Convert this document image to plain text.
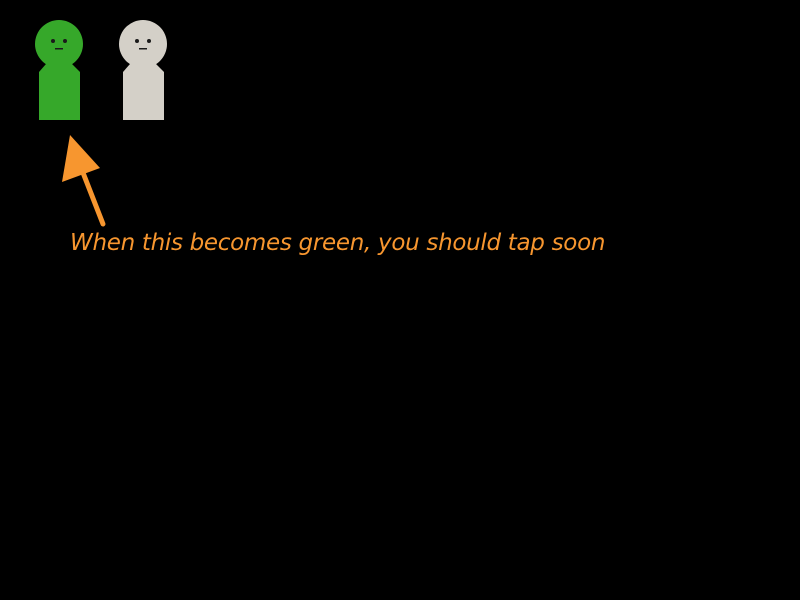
When this becomes green, you should tap soon
